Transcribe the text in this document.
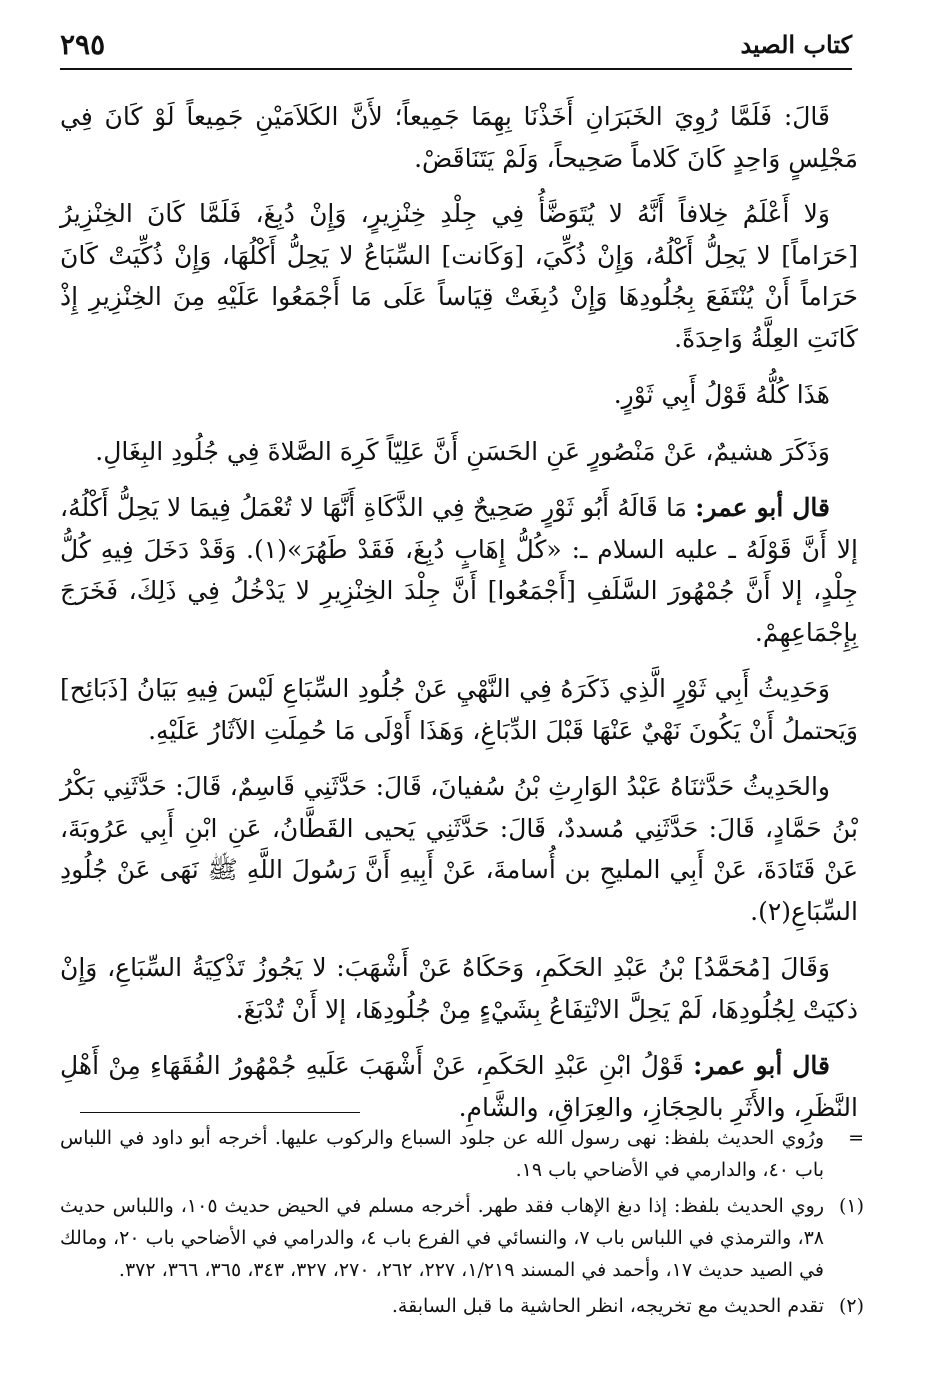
كتاب الصيد
٢٩٥

قَالَ: فَلَمَّا رُوِيَ الخَبَرَانِ أَخَذْنَا بِهِمَا جَمِيعاً؛ لأَنَّ الكَلاَمَيْنِ جَمِيعاً لَوْ كَانَ فِي مَجْلِسٍ وَاحِدٍ كَانَ كَلاماً صَحِيحاً، وَلَمْ يَتَنَاقَضْ.

وَلا أَعْلَمُ خِلافاً أَنَّهُ لا يُتَوَضَّأُ فِي جِلْدِ خِنْزِيرٍ، وَإِنْ دُبِغَ، فَلَمَّا كَانَ الخِنْزِيرُ [حَرَاماً] لا يَحِلُّ أَكْلُهُ، وَإِنْ ذُكِّيَ، [وَكَانت] السِّبَاعُ لا يَحِلُّ أَكْلُهَا، وَإِنْ ذُكِّيَتْ كَانَ حَرَاماً أَنْ يُنْتَفَعَ بِجُلُودِهَا وَإِنْ دُبِغَتْ قِيَاساً عَلَى مَا أَجْمَعُوا عَلَيْهِ مِنَ الخِنْزِيرِ إِذْ كَانَتِ العِلَّةُ وَاحِدَةً.

هَذَا كُلُّهُ قَوْلُ أَبِي ثَوْرٍ.

وَذَكَرَ هشيمٌ، عَنْ مَنْصُورٍ عَنِ الحَسَنِ أَنَّ عَلِيّاً كَرِهَ الصَّلاةَ فِي جُلُودِ البِغَالِ.

قال أبو عمر: مَا قَالَهُ أَبُو ثَوْرٍ صَحِيحٌ فِي الذَّكَاةِ أَنَّهَا لا تُعْمَلُ فِيمَا لا يَحِلُّ أَكْلُهُ، إلا أَنَّ قَوْلَهُ ـ عليه السلام ـ: «كُلُّ إِهَابٍ دُبِغَ، فَقَدْ طَهُرَ»(١). وَقَدْ دَخَلَ فِيهِ كُلُّ جِلْدٍ، إلا أَنَّ جُمْهُورَ السَّلَفِ [أَجْمَعُوا] أَنَّ جِلْدَ الخِنْزِيرِ لا يَدْخُلُ فِي ذَلِكَ، فَخَرَجَ بِإِجْمَاعِهِمْ.

وَحَدِيثُ أَبِي ثَوْرٍ الَّذِي ذَكَرَهُ فِي النَّهْيِ عَنْ جُلُودِ السِّبَاعِ لَيْسَ فِيهِ بَيَانُ [ذَبَائِح] وَيَحتملُ أَنْ يَكُونَ نَهْيٌ عَنْهَا قَبْلَ الدِّبَاغِ، وَهَذَا أَوْلَى مَا حُمِلَتِ الآثَارُ عَلَيْهِ.

والحَدِيثُ حَدَّثنَاهُ عَبْدُ الوَارِثِ بْنُ سُفيانَ، قَالَ: حَدَّثَنِي قَاسِمٌ، قَالَ: حَدَّثَنِي بَكْرُ بْنُ حَمَّادٍ، قَالَ: حَدَّثَنِي مُسددٌ، قَالَ: حَدَّثَنِي يَحيى القَطَّانُ، عَنِ ابْنِ أَبِي عَرُوبَةَ، عَنْ قَتَادَةَ، عَنْ أَبِي المليحِ بن أُسامةَ، عَنْ أَبِيهِ أَنَّ رَسُولَ اللَّهِ ﷺ نَهَى عَنْ جُلُودِ السِّبَاعِ(٢).

وَقَالَ [مُحَمَّدُ] بْنُ عَبْدِ الحَكَمِ، وَحَكَاهُ عَنْ أَشْهَبَ: لا يَجُوزُ تَذْكِيَةُ السِّبَاعِ، وَإِنْ ذكيَتْ لِجُلُودِهَا، لَمْ يَحِلَّ الانْتِفَاعُ بِشَيْءٍ مِنْ جُلُودِهَا، إلا أَنْ تُدْبَغَ.

قال أبو عمر: قَوْلُ ابْنِ عَبْدِ الحَكَمِ، عَنْ أَشْهَبَ عَلَيهِ جُمْهُورُ الفُقَهَاءِ مِنْ أَهْلِ النَّظَرِ، والأَثَرِ بالحِجَازِ، والعِرَاقِ، والشَّامِ.

=
ورُوي الحديث بلفظ: نهى رسول الله عن جلود السباع والركوب عليها. أخرجه أبو داود في اللباس باب ٤٠، والدارمي في الأضاحي باب ١٩.

(١)
روي الحديث بلفظ: إذا دبغ الإهاب فقد طهر. أخرجه مسلم في الحيض حديث ١٠٥، واللباس حديث ٣٨، والترمذي في اللباس باب ٧، والنسائي في الفرع باب ٤، والدرامي في الأضاحي باب ٢٠، ومالك في الصيد حديث ١٧، وأحمد في المسند ١/٢١٩، ٢٢٧، ٢٦٢، ٢٧٠، ٣٢٧، ٣٤٣، ٣٦٥، ٣٦٦، ٣٧٢.

(٢)
تقدم الحديث مع تخريجه، انظر الحاشية ما قبل السابقة.
